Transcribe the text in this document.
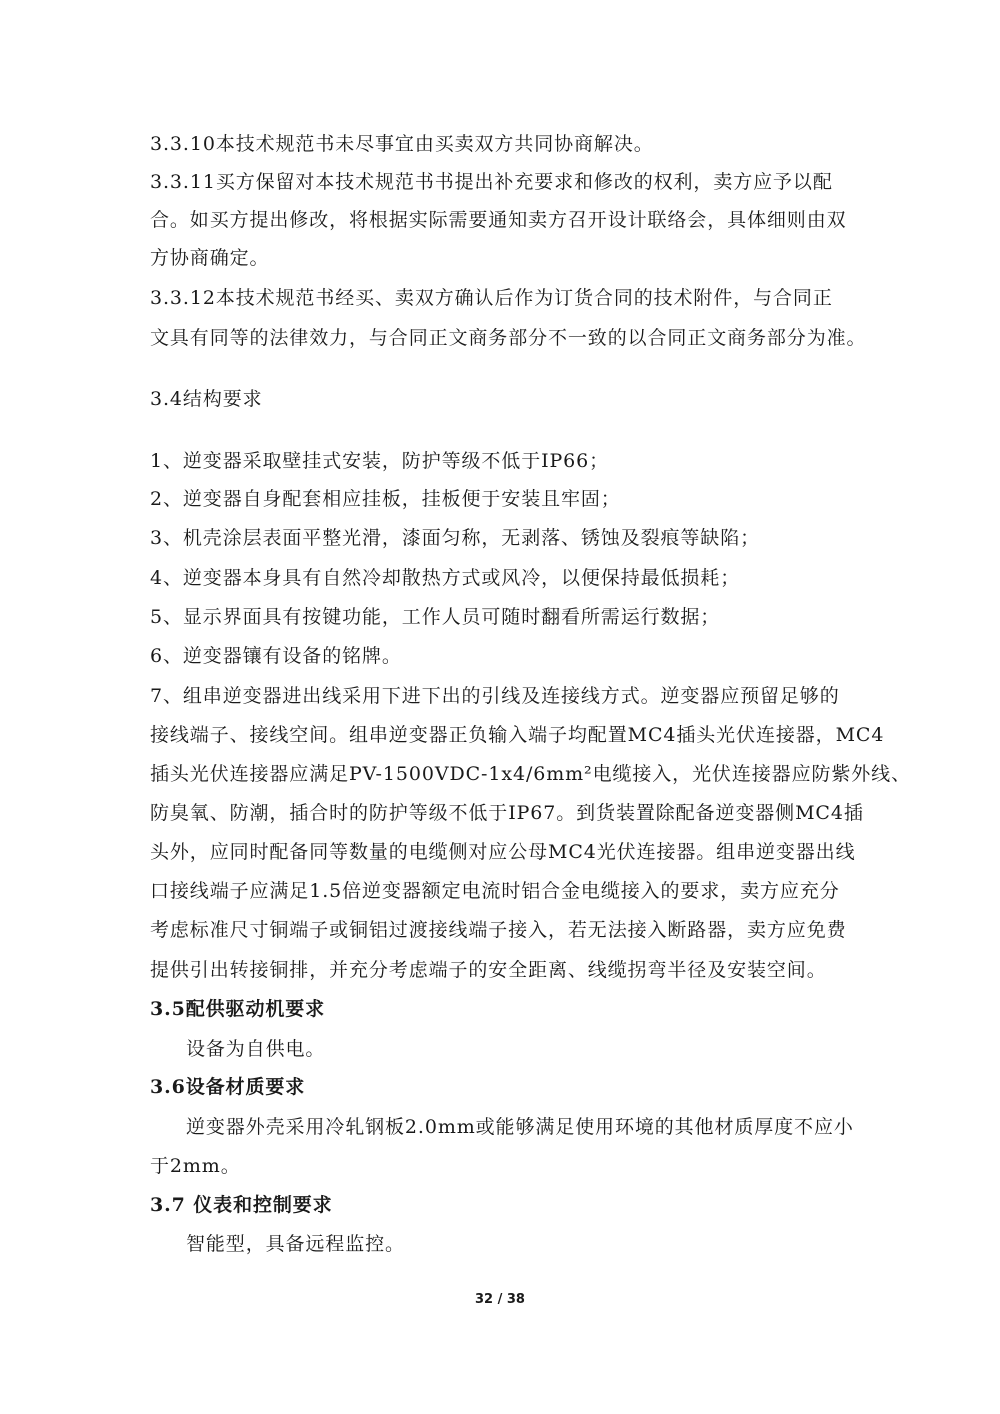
3.3.10本技术规范书未尽事宜由买卖双方共同协商解决。
3.3.11买方保留对本技术规范书书提出补充要求和修改的权利，卖方应予以配
合。如买方提出修改，将根据实际需要通知卖方召开设计联络会，具体细则由双
方协商确定。
3.3.12本技术规范书经买、卖双方确认后作为订货合同的技术附件，与合同正
文具有同等的法律效力，与合同正文商务部分不一致的以合同正文商务部分为准。
3.4结构要求
1、逆变器采取壁挂式安装，防护等级不低于IP66；
2、逆变器自身配套相应挂板，挂板便于安装且牢固；
3、机壳涂层表面平整光滑，漆面匀称，无剥落、锈蚀及裂痕等缺陷；
4、逆变器本身具有自然冷却散热方式或风冷，以便保持最低损耗；
5、显示界面具有按键功能，工作人员可随时翻看所需运行数据；
6、逆变器镶有设备的铭牌。
7、组串逆变器进出线采用下进下出的引线及连接线方式。逆变器应预留足够的
接线端子、接线空间。组串逆变器正负输入端子均配置MC4插头光伏连接器，MC4
插头光伏连接器应满足PV-1500VDC-1x4/6mm²电缆接入，光伏连接器应防紫外线、
防臭氧、防潮，插合时的防护等级不低于IP67。到货装置除配备逆变器侧MC4插
头外，应同时配备同等数量的电缆侧对应公母MC4光伏连接器。组串逆变器出线
口接线端子应满足1.5倍逆变器额定电流时铝合金电缆接入的要求，卖方应充分
考虑标准尺寸铜端子或铜铝过渡接线端子接入，若无法接入断路器，卖方应免费
提供引出转接铜排，并充分考虑端子的安全距离、线缆拐弯半径及安装空间。
3.5配供驱动机要求
设备为自供电。
3.6设备材质要求
逆变器外壳采用冷轧钢板2.0mm或能够满足使用环境的其他材质厚度不应小
于2mm。
3.7 仪表和控制要求
智能型，具备远程监控。
32 / 38
